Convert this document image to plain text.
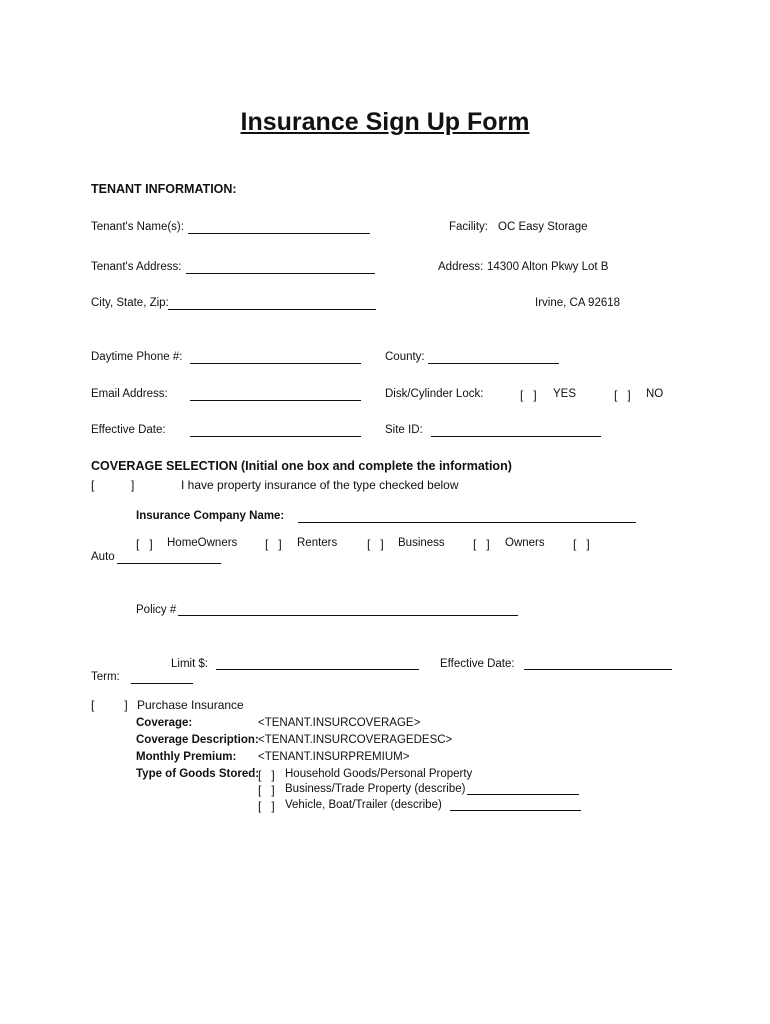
Insurance Sign Up Form
TENANT INFORMATION:
Tenant's Name(s):	Facility: OC Easy Storage
Tenant's Address:	Address: 14300 Alton Pkwy Lot B
City, State, Zip:	Irvine, CA 92618
Daytime Phone #:	County:
Email Address:	Disk/Cylinder Lock:	[   ] YES	[   ] NO
Effective Date:	Site ID:
COVERAGE SELECTION (Initial one box and complete the information)
[           ]	I have property insurance of the type checked below
Insurance Company Name:
[   ] HomeOwners [   ] Renters [   ] Business [   ] Owners [   ]
Auto
Policy #
Limit $:	Effective Date:
Term:
[         ] Purchase Insurance
Coverage:	<TENANT.INSURCOVERAGE>
Coverage Description: <TENANT.INSURCOVERAGEDESC>
Monthly Premium: <TENANT.INSURPREMIUM>
Type of Goods Stored:
[   ] Household Goods/Personal Property
[   ] Business/Trade Property (describe)
[   ] Vehicle, Boat/Trailer (describe)
